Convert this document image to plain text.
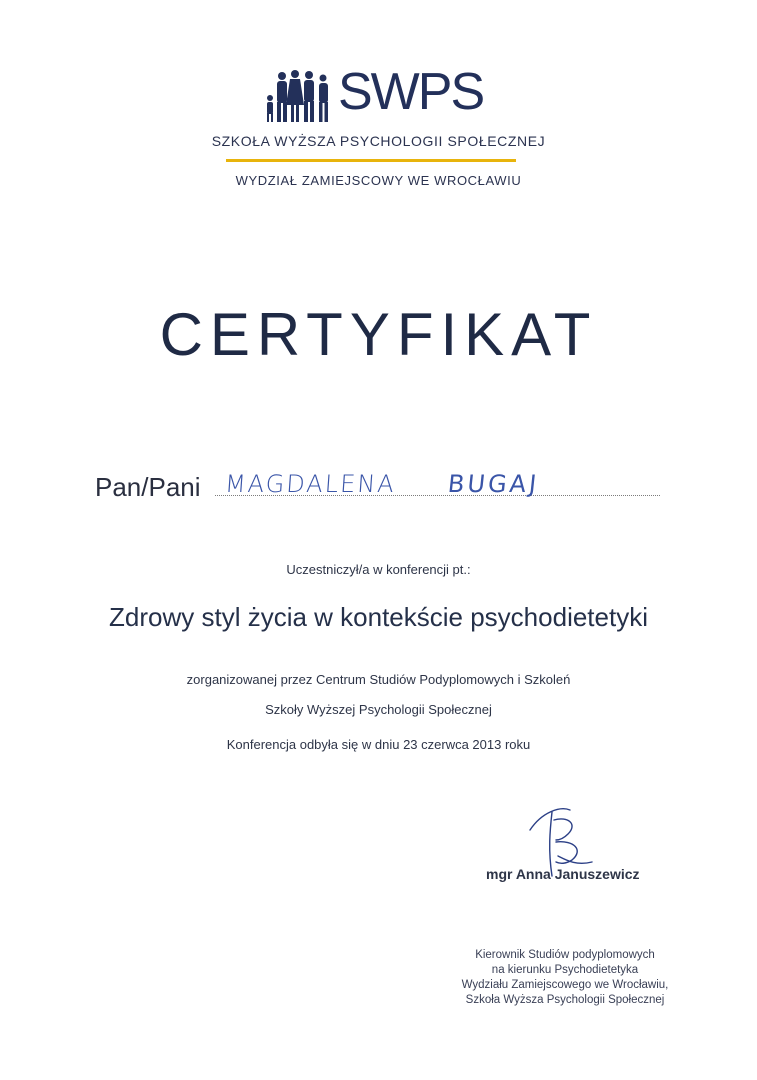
SWPS
SZKOŁA WYŻSZA PSYCHOLOGII SPOŁECZNEJ
WYDZIAŁ ZAMIEJSCOWY WE WROCŁAWIU
CERTYFIKAT
Pan/Pani MAGDALENA BUGAJ
Uczestniczył/a w konferencji pt.:
Zdrowy styl życia w kontekście psychodietetyki
zorganizowanej przez Centrum Studiów Podyplomowych i Szkoleń
Szkoły Wyższej Psychologii Społecznej
Konferencja odbyła się w dniu 23 czerwca 2013 roku
mgr Anna Januszewicz
Kierownik Studiów podyplomowych
na kierunku Psychodietetyka
Wydziału Zamiejscowego we Wrocławiu,
Szkoła Wyższa Psychologii Społecznej
